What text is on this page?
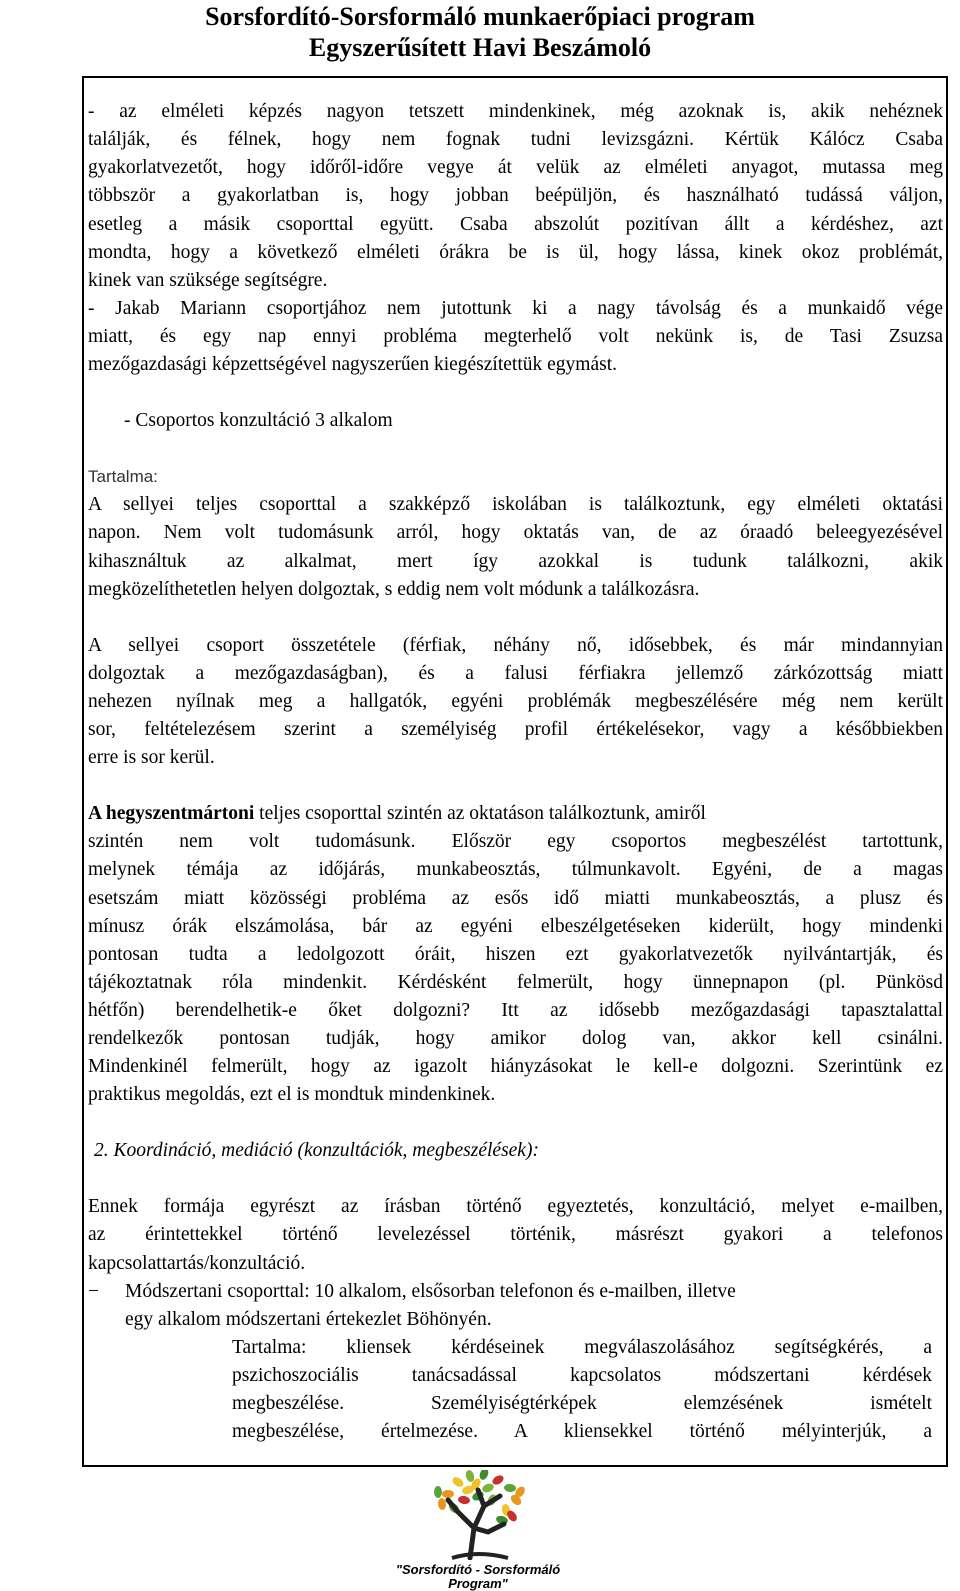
Sorsfordító-Sorsformáló munkaerőpiaci program
Egyszerűsített Havi Beszámoló
- az elméleti képzés nagyon tetszett mindenkinek, még azoknak is, akik nehéznek
találják, és félnek, hogy nem fognak tudni levizsgázni. Kértük Kálócz Csaba
gyakorlatvezetőt, hogy időről-időre vegye át velük az elméleti anyagot, mutassa meg
többször a gyakorlatban is, hogy jobban beépüljön, és használható tudássá váljon,
esetleg a másik csoporttal együtt. Csaba abszolút pozitívan állt a kérdéshez, azt
mondta, hogy a következő elméleti órákra be is ül, hogy lássa, kinek okoz problémát,
kinek van szüksége segítségre.
- Jakab Mariann csoportjához nem jutottunk ki a nagy távolság és a munkaidő vége
miatt, és egy nap ennyi probléma megterhelő volt nekünk is, de Tasi Zsuzsa
mezőgazdasági képzettségével nagyszerűen kiegészítettük egymást.
- Csoportos konzultáció 3 alkalom
Tartalma:
A sellyei teljes csoporttal a szakképző iskolában is találkoztunk, egy elméleti oktatási
napon. Nem volt tudomásunk arról, hogy oktatás van, de az óraadó beleegyezésével
kihasználtuk az alkalmat, mert így azokkal is tudunk találkozni, akik
megközelíthetetlen helyen dolgoztak, s eddig nem volt módunk a találkozásra.
A sellyei csoport összetétele (férfiak, néhány nő, idősebbek, és már mindannyian
dolgoztak a mezőgazdaságban), és a falusi férfiakra jellemző zárkózottság miatt
nehezen nyílnak meg a hallgatók, egyéni problémák megbeszélésére még nem került
sor, feltételezésem szerint a személyiség profil értékelésekor, vagy a későbbiekben
erre is sor kerül.
A hegyszentmártoni teljes csoporttal szintén az oktatáson találkoztunk, amiről
szintén nem volt tudomásunk. Először egy csoportos megbeszélést tartottunk,
melynek témája az időjárás, munkabeosztás, túlmunkavolt. Egyéni, de a magas
esetszám miatt közösségi probléma az esős idő miatti munkabeosztás, a plusz és
mínusz órák elszámolása, bár az egyéni elbeszélgetéseken kiderült, hogy mindenki
pontosan tudta a ledolgozott óráit, hiszen ezt gyakorlatvezetők nyilvántartják, és
tájékoztatnak róla mindenkit. Kérdésként felmerült, hogy ünnepnapon (pl. Pünkösd
hétfőn) berendelhetik-e őket dolgozni? Itt az idősebb mezőgazdasági tapasztalattal
rendelkezők pontosan tudják, hogy amikor dolog van, akkor kell csinálni.
Mindenkinél felmerült, hogy az igazolt hiányzásokat le kell-e dolgozni. Szerintünk ez
praktikus megoldás, ezt el is mondtuk mindenkinek.
2. Koordináció, mediáció (konzultációk, megbeszélések):
Ennek formája egyrészt az írásban történő egyeztetés, konzultáció, melyet e-mailben,
az érintettekkel történő levelezéssel történik, másrészt gyakori a telefonos
kapcsolattartás/konzultáció.
−	Módszertani csoporttal: 10 alkalom, elsősorban telefonon és e-mailben, illetve
egy alkalom módszertani értekezlet Böhönyén.
Tartalma: kliensek kérdéseinek megválaszolásához segítségkérés, a
pszichoszociális tanácsadással kapcsolatos módszertani kérdések
megbeszélése. Személyiségtérképek elemzésének ismételt
megbeszélése, értelmezése. A kliensekkel történő mélyinterjúk, a
"Sorsfordító - Sorsformáló
Program"
